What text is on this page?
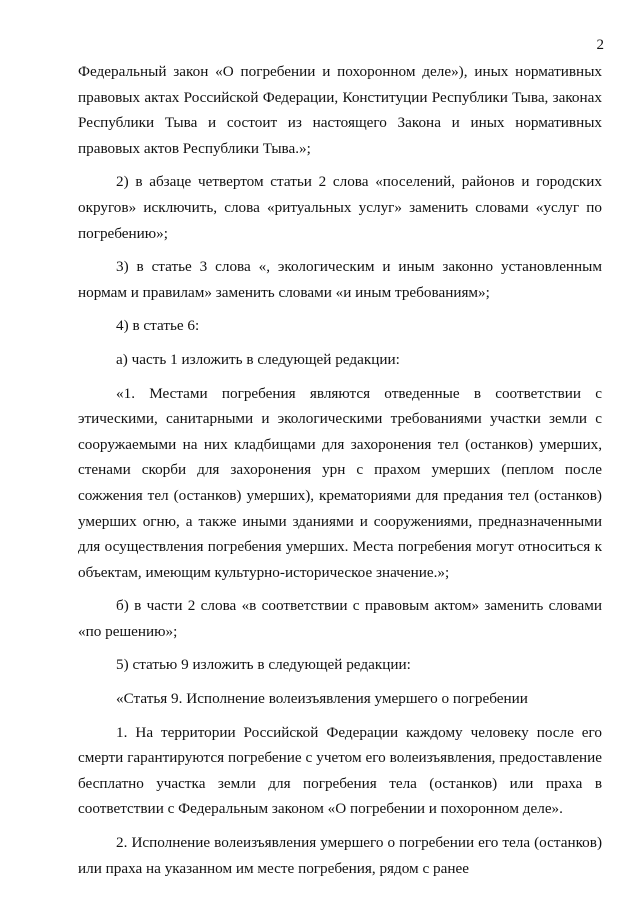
2

Федеральный закон «О погребении и похоронном деле»), иных нормативных правовых актах Российской Федерации, Конституции Республики Тыва, законах Республики Тыва и состоит из настоящего Закона и иных нормативных правовых актов Республики Тыва.»;

2) в абзаце четвертом статьи 2 слова «поселений, районов и городских округов» исключить, слова «ритуальных услуг» заменить словами «услуг по погребению»;

3) в статье 3 слова «, экологическим и иным законно установленным нормам и правилам» заменить словами «и иным требованиям»;

4) в статье 6:

а) часть 1 изложить в следующей редакции:

«1. Местами погребения являются отведенные в соответствии с этическими, санитарными и экологическими требованиями участки земли с сооружаемыми на них кладбищами для захоронения тел (останков) умерших, стенами скорби для захоронения урн с прахом умерших (пеплом после сожжения тел (останков) умерших), крематориями для предания тел (останков) умерших огню, а также иными зданиями и сооружениями, предназначенными для осуществления погребения умерших. Места погребения могут относиться к объектам, имеющим культурно-историческое значение.»;

б) в части 2 слова «в соответствии с правовым актом» заменить словами «по решению»;

5) статью 9 изложить в следующей редакции:

«Статья 9. Исполнение волеизъявления умершего о погребении

1. На территории Российской Федерации каждому человеку после его смерти гарантируются погребение с учетом его волеизъявления, предоставление бесплатно участка земли для погребения тела (останков) или праха в соответствии с Федеральным законом «О погребении и похоронном деле».

2. Исполнение волеизъявления умершего о погребении его тела (останков) или праха на указанном им месте погребения, рядом с ранее
